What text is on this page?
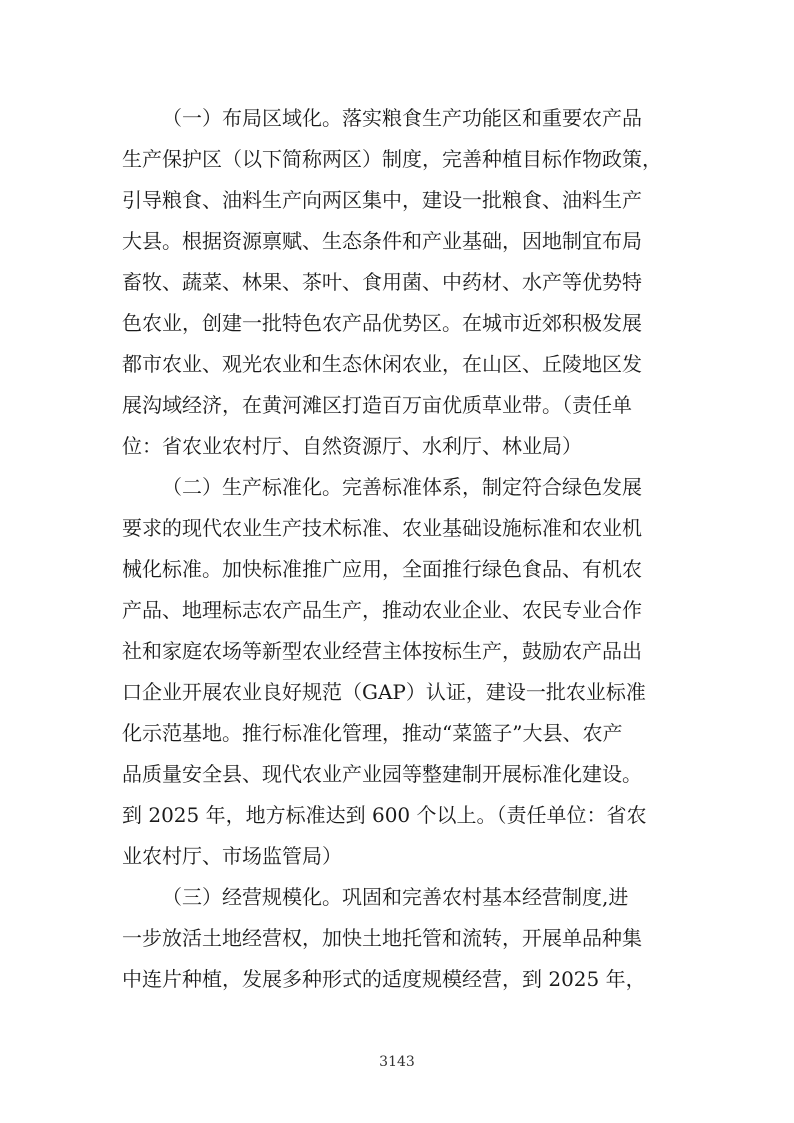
（一）布局区域化。落实粮食生产功能区和重要农产品
生产保护区（以下简称两区）制度，完善种植目标作物政策，
引导粮食、油料生产向两区集中，建设一批粮食、油料生产
大县。根据资源禀赋、生态条件和产业基础，因地制宜布局
畜牧、蔬菜、林果、茶叶、食用菌、中药材、水产等优势特
色农业，创建一批特色农产品优势区。在城市近郊积极发展
都市农业、观光农业和生态休闲农业，在山区、丘陵地区发
展沟域经济，在黄河滩区打造百万亩优质草业带。（责任单
位：省农业农村厅、自然资源厅、水利厅、林业局）
（二）生产标准化。完善标准体系，制定符合绿色发展
要求的现代农业生产技术标准、农业基础设施标准和农业机
械化标准。加快标准推广应用，全面推行绿色食品、有机农
产品、地理标志农产品生产，推动农业企业、农民专业合作
社和家庭农场等新型农业经营主体按标生产，鼓励农产品出
口企业开展农业良好规范（GAP）认证，建设一批农业标准
化示范基地。推行标准化管理，推动“菜篮子”大县、农产
品质量安全县、现代农业产业园等整建制开展标准化建设。
到 2025 年，地方标准达到 600 个以上。（责任单位：省农
业农村厅、市场监管局）
（三）经营规模化。巩固和完善农村基本经营制度,进
一步放活土地经营权，加快土地托管和流转，开展单品种集
中连片种植，发展多种形式的适度规模经营，到 2025 年，
3143
